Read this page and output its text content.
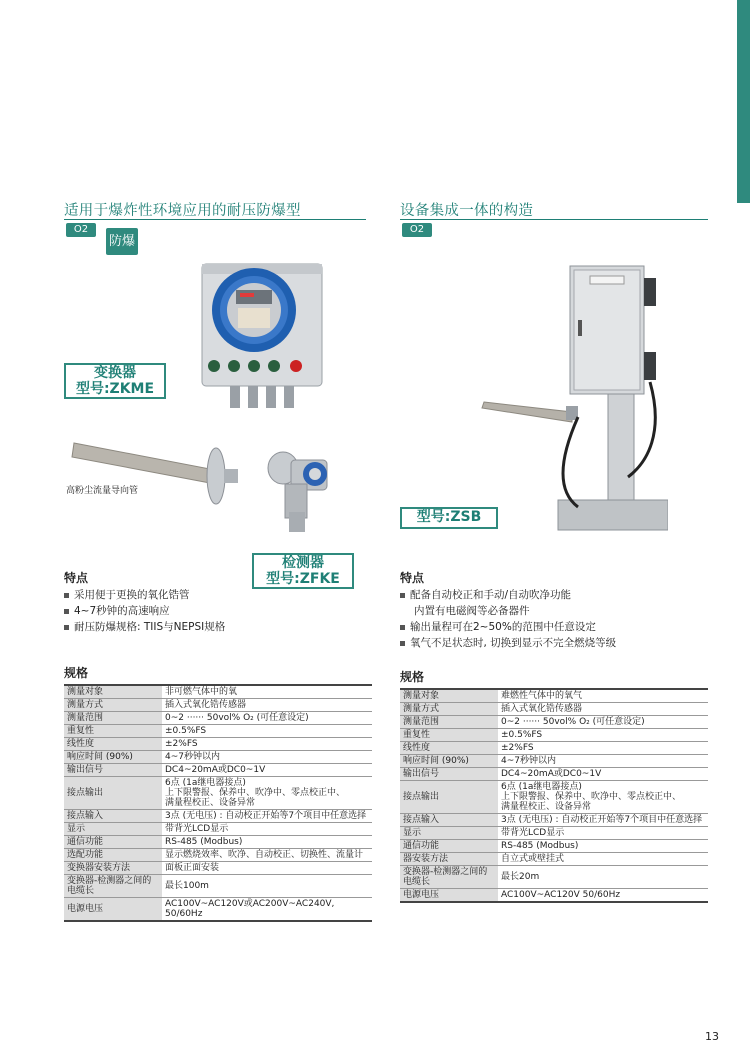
适用于爆炸性环境应用的耐压防爆型
O2
防爆
变换器
型号:ZKME
高粉尘流量导向管
检测器
型号:ZFKE
特点
采用便于更换的氧化锆管
4~7秒钟的高速响应
耐压防爆规格: TIIS与NEPSI规格
规格
测量对象	非可燃气体中的氧
测量方式	插入式氧化锆传感器
测量范围	0~2 ······ 50vol% O₂ (可任意设定)
重复性	±0.5%FS
线性度	±2%FS
响应时间 (90%)	4~7秒钟以内
输出信号	DC4~20mA或DC0~1V
接点输出	6点 (1a继电器接点)
上下限警报、保养中、吹净中、零点校正中、
满量程校正、设备异常
接点输入	3点 (无电压) : 自动校正开始等7个项目中任意选择
显示	带背光LCD显示
通信功能	RS-485 (Modbus)
选配功能	显示燃烧效率、吹净、自动校正、切换性、流量计
变换器安装方法	面板正面安装
变换器-检测器之间的
电缆长	最长100m
电源电压	AC100V~AC120V或AC200V~AC240V,
50/60Hz
设备集成一体的构造
O2
型号:ZSB
特点
配备自动校正和手动/自动吹净功能
内置有电磁阀等必备器件
输出量程可在2~50%的范围中任意设定
氧气不足状态时, 切换到显示不完全燃烧等级
规格
测量对象	难燃性气体中的氧气
测量方式	插入式氧化锆传感器
测量范围	0~2 ······ 50vol% O₂ (可任意设定)
重复性	±0.5%FS
线性度	±2%FS
响应时间 (90%)	4~7秒钟以内
输出信号	DC4~20mA或DC0~1V
接点输出	6点 (1a继电器接点)
上下限警报、保养中、吹净中、零点校正中、
满量程校正、设备异常
接点输入	3点 (无电压) : 自动校正开始等7个项目中任意选择
显示	带背光LCD显示
通信功能	RS-485 (Modbus)
器安装方法	自立式或壁挂式
变换器-检测器之间的
电缆长	最长20m
电源电压	AC100V~AC120V 50/60Hz
13
